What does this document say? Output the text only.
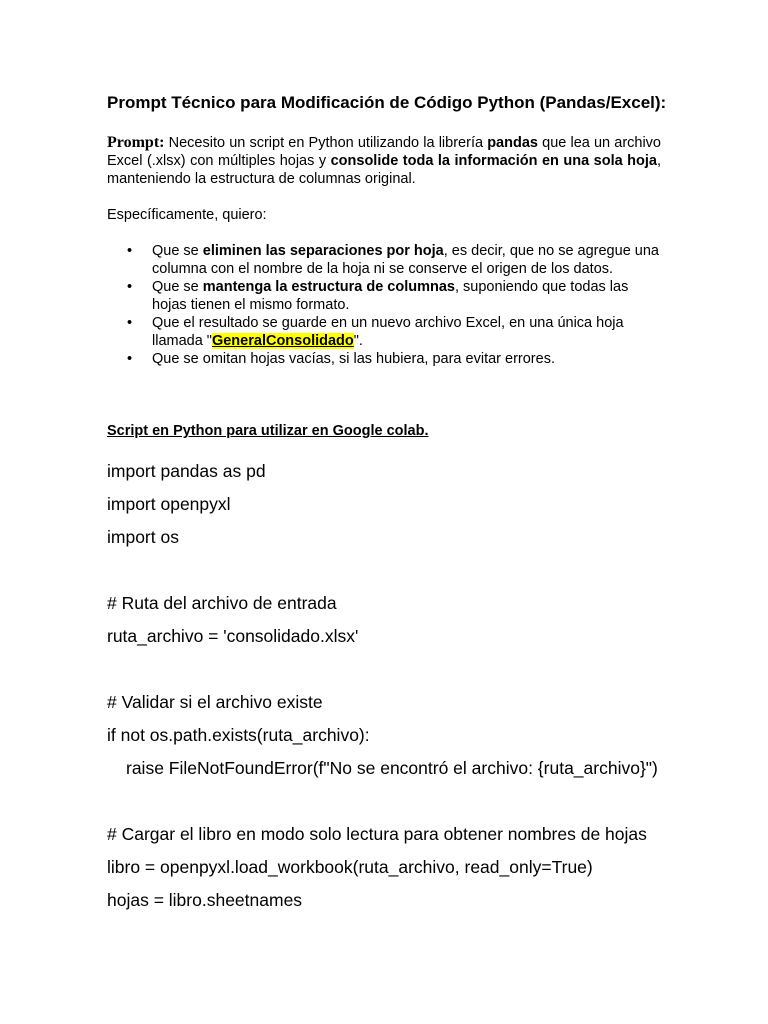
Prompt Técnico para Modificación de Código Python (Pandas/Excel):

Prompt: Necesito un script en Python utilizando la librería pandas que lea un archivo Excel (.xlsx) con múltiples hojas y consolide toda la información en una sola hoja, manteniendo la estructura de columnas original.

Específicamente, quiero:

• Que se eliminen las separaciones por hoja, es decir, que no se agregue una columna con el nombre de la hoja ni se conserve el origen de los datos.
• Que se mantenga la estructura de columnas, suponiendo que todas las hojas tienen el mismo formato.
• Que el resultado se guarde en un nuevo archivo Excel, en una única hoja llamada "GeneralConsolidado".
• Que se omitan hojas vacías, si las hubiera, para evitar errores.

Script en Python para utilizar en Google colab.

import pandas as pd
import openpyxl
import os
# Ruta del archivo de entrada
ruta_archivo = 'consolidado.xlsx'
# Validar si el archivo existe
if not os.path.exists(ruta_archivo):
raise FileNotFoundError(f"No se encontró el archivo: {ruta_archivo}")
# Cargar el libro en modo solo lectura para obtener nombres de hojas
libro = openpyxl.load_workbook(ruta_archivo, read_only=True)
hojas = libro.sheetnames
